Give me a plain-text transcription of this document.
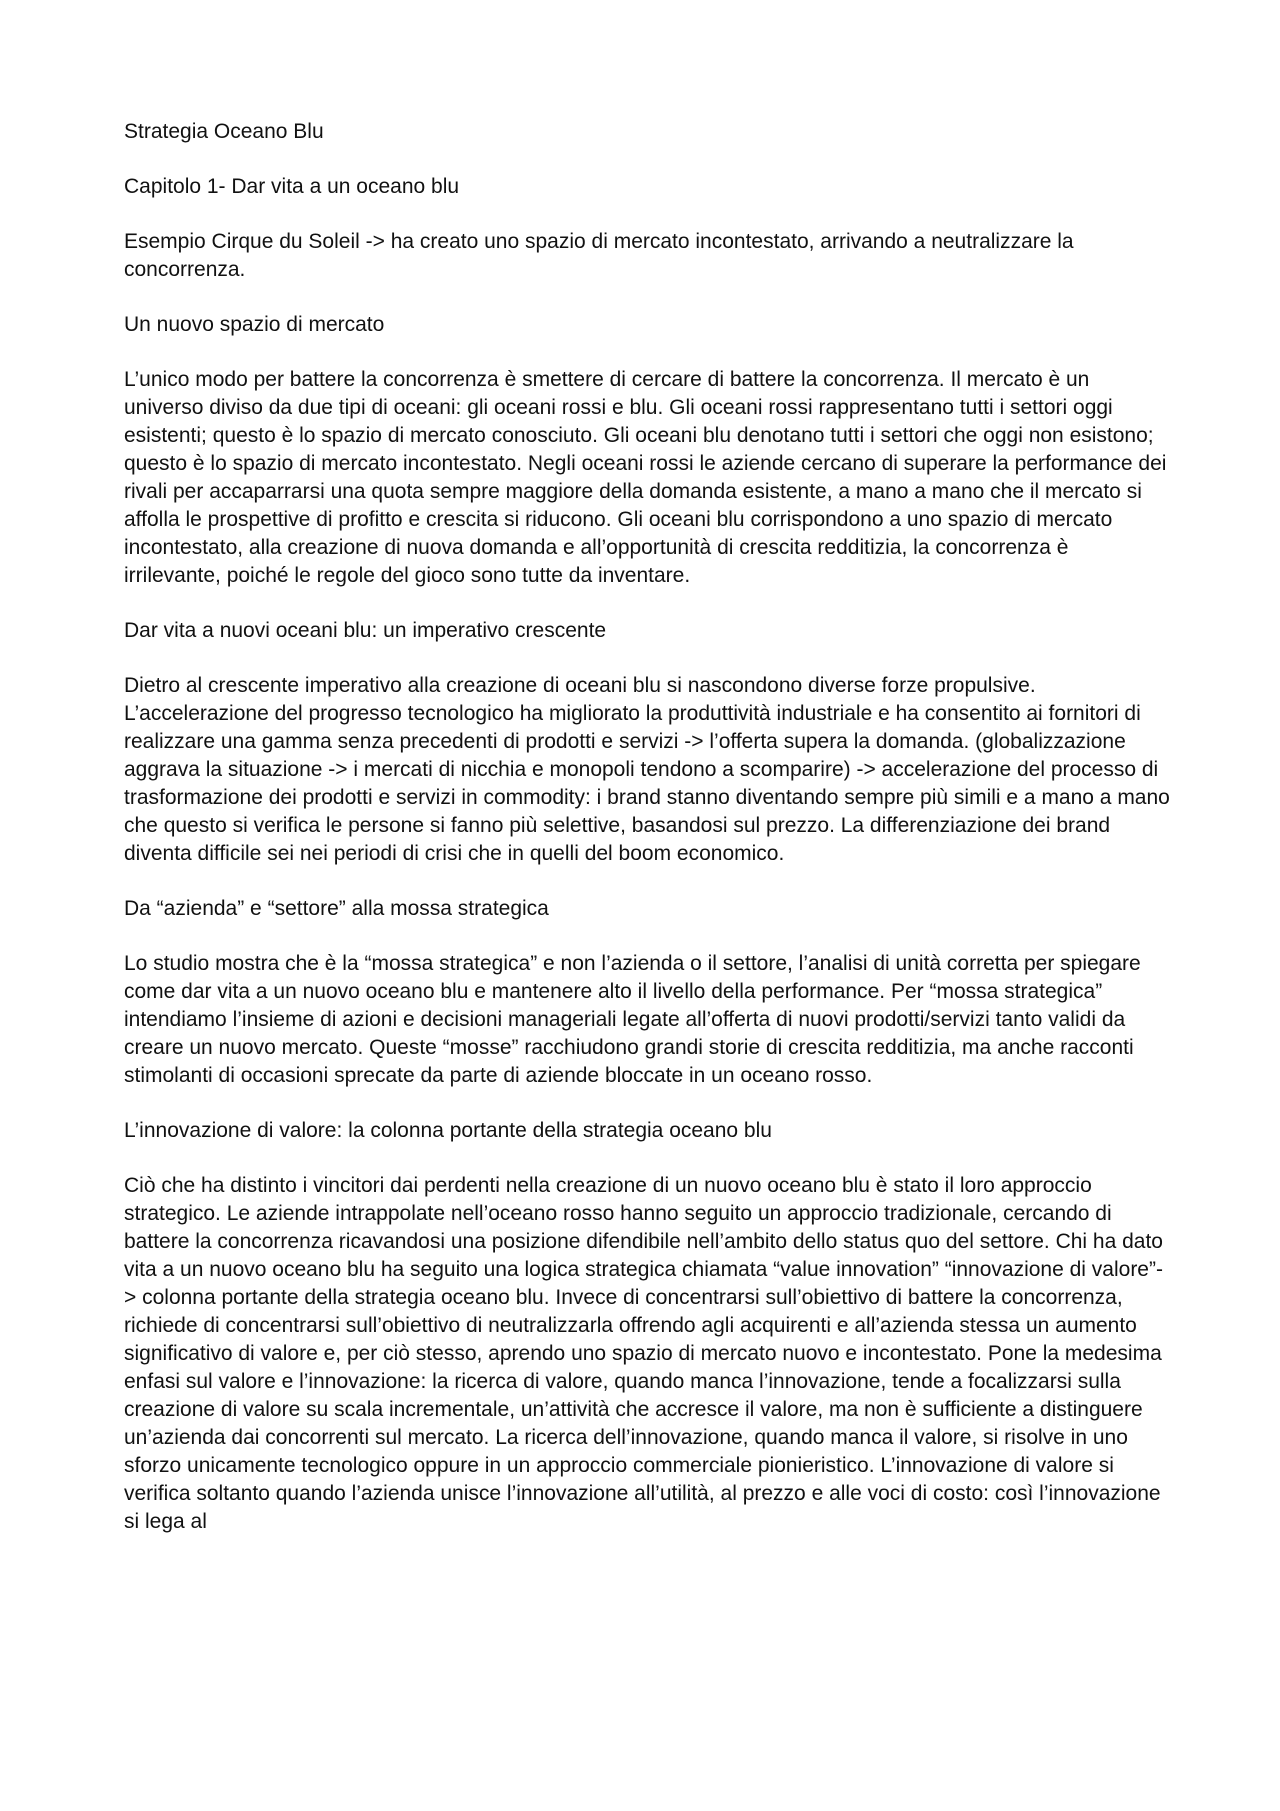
Strategia Oceano Blu

Capitolo 1- Dar vita a un oceano blu

Esempio Cirque du Soleil -> ha creato uno spazio di mercato incontestato, arrivando a neutralizzare la concorrenza.

Un nuovo spazio di mercato

L’unico modo per battere la concorrenza è smettere di cercare di battere la concorrenza. Il mercato è un universo diviso da due tipi di oceani: gli oceani rossi e blu. Gli oceani rossi rappresentano tutti i settori oggi esistenti; questo è lo spazio di mercato conosciuto. Gli oceani blu denotano tutti i settori che oggi non esistono; questo è lo spazio di mercato incontestato. Negli oceani rossi le aziende cercano di superare la performance dei rivali per accaparrarsi una quota sempre maggiore della domanda esistente, a mano a mano che il mercato si affolla le prospettive di profitto e crescita si riducono. Gli oceani blu corrispondono a uno spazio di mercato incontestato, alla creazione di nuova domanda e all’opportunità di crescita redditizia, la concorrenza è irrilevante, poiché le regole del gioco sono tutte da inventare.

Dar vita a nuovi oceani blu: un imperativo crescente

Dietro al crescente imperativo alla creazione di oceani blu si nascondono diverse forze propulsive. L’accelerazione del progresso tecnologico ha migliorato la produttività industriale e ha consentito ai fornitori di realizzare una gamma senza precedenti di prodotti e servizi -> l’offerta supera la domanda. (globalizzazione aggrava la situazione -> i mercati di nicchia e monopoli tendono a scomparire) -> accelerazione del processo di trasformazione dei prodotti e servizi in commodity: i brand stanno diventando sempre più simili e a mano a mano che questo si verifica le persone si fanno più selettive, basandosi sul prezzo. La differenziazione dei brand diventa difficile sei nei periodi di crisi che in quelli del boom economico.

Da “azienda” e “settore” alla mossa strategica

Lo studio mostra che è la “mossa strategica” e non l’azienda o il settore, l’analisi di unità corretta per spiegare come dar vita a un nuovo oceano blu e mantenere alto il livello della performance. Per “mossa strategica” intendiamo l’insieme di azioni e decisioni manageriali legate all’offerta di nuovi prodotti/servizi tanto validi da creare un nuovo mercato. Queste “mosse” racchiudono grandi storie di crescita redditizia, ma anche racconti stimolanti di occasioni sprecate da parte di aziende bloccate in un oceano rosso.

L’innovazione di valore: la colonna portante della strategia oceano blu

Ciò che ha distinto i vincitori dai perdenti nella creazione di un nuovo oceano blu è stato il loro approccio strategico. Le aziende intrappolate nell’oceano rosso hanno seguito un approccio tradizionale, cercando di battere la concorrenza ricavandosi una posizione difendibile nell’ambito dello status quo del settore. Chi ha dato vita a un nuovo oceano blu ha seguito una logica strategica chiamata “value innovation” “innovazione di valore”-> colonna portante della strategia oceano blu. Invece di concentrarsi sull’obiettivo di battere la concorrenza, richiede di concentrarsi sull’obiettivo di neutralizzarla offrendo agli acquirenti e all’azienda stessa un aumento significativo di valore e, per ciò stesso, aprendo uno spazio di mercato nuovo e incontestato. Pone la medesima enfasi sul valore e l’innovazione: la ricerca di valore, quando manca l’innovazione, tende a focalizzarsi sulla creazione di valore su scala incrementale, un’attività che accresce il valore, ma non è sufficiente a distinguere un’azienda dai concorrenti sul mercato. La ricerca dell’innovazione, quando manca il valore, si risolve in uno sforzo unicamente tecnologico oppure in un approccio commerciale pionieristico. L’innovazione di valore si verifica soltanto quando l’azienda unisce l’innovazione all’utilità, al prezzo e alle voci di costo: così l’innovazione si lega al
